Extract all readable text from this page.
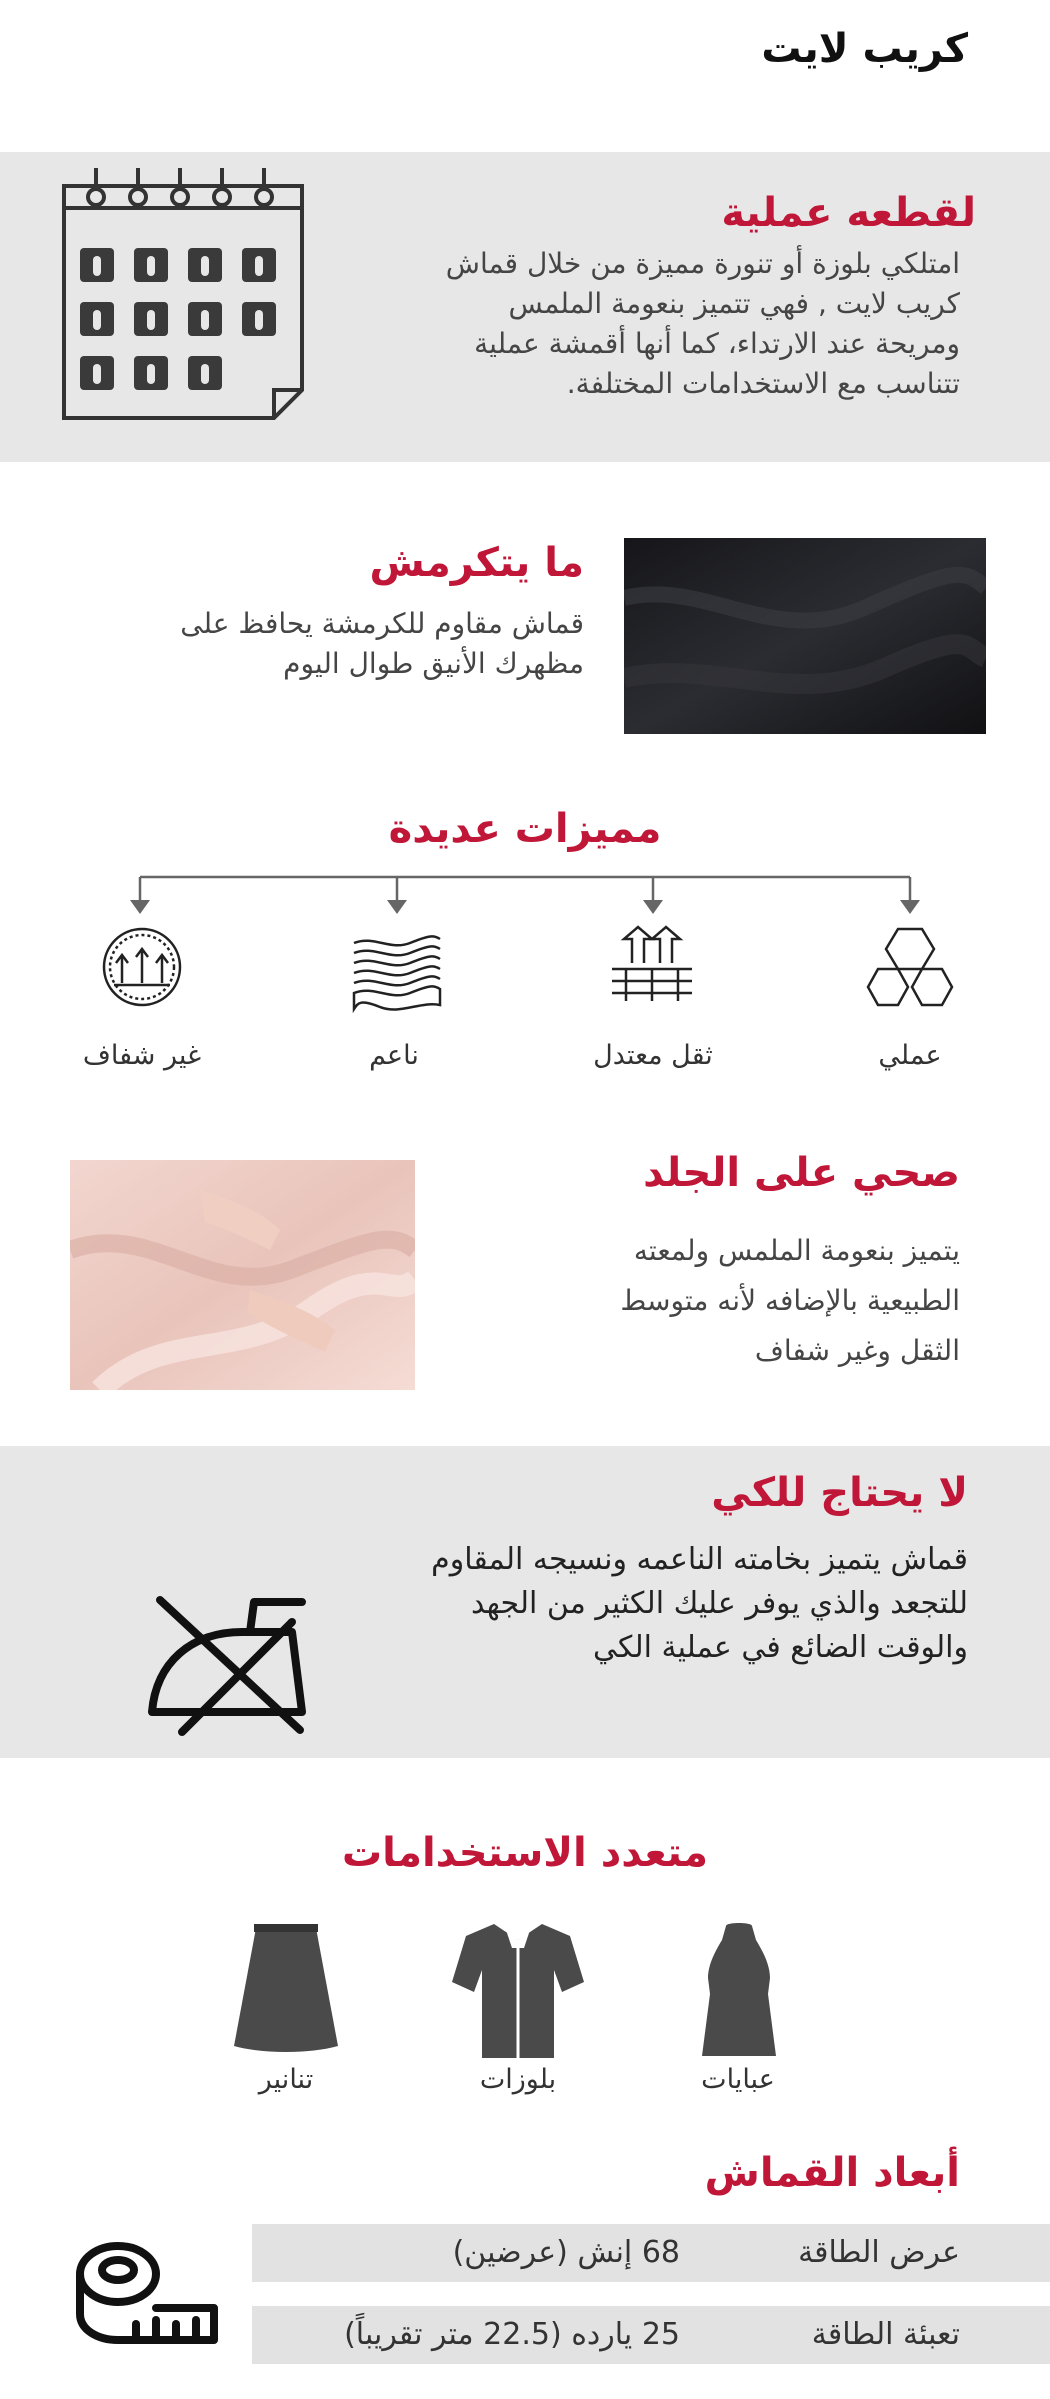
كريب لايت
لقطعه عملية
امتلكي بلوزة أو تنورة مميزة من خلال قماش
كريب لايت , فهي تتميز بنعومة الملمس
ومريحة عند الارتداء، كما أنها أقمشة عملية
تتناسب مع الاستخدامات المختلفة.
ما يتكرمش
قماش مقاوم للكرمشة يحافظ على
مظهرك الأنيق طوال اليوم
مميزات عديدة
عملي
ثقل معتدل
ناعم
غير شفاف
صحي على الجلد
يتميز بنعومة الملمس ولمعته
الطبيعية بالإضافه لأنه متوسط
الثقل وغير شفاف
لا يحتاج للكي
قماش يتميز بخامته الناعمه ونسيجه المقاوم
للتجعد والذي يوفر عليك الكثير من الجهد
والوقت الضائع في عملية الكي
متعدد الاستخدامات
عبايات
بلوزات
تنانير
أبعاد القماش
عرض الطاقة
68 إنش (عرضين)
تعبئة الطاقة
25 يارده (22.5 متر تقريباً)
